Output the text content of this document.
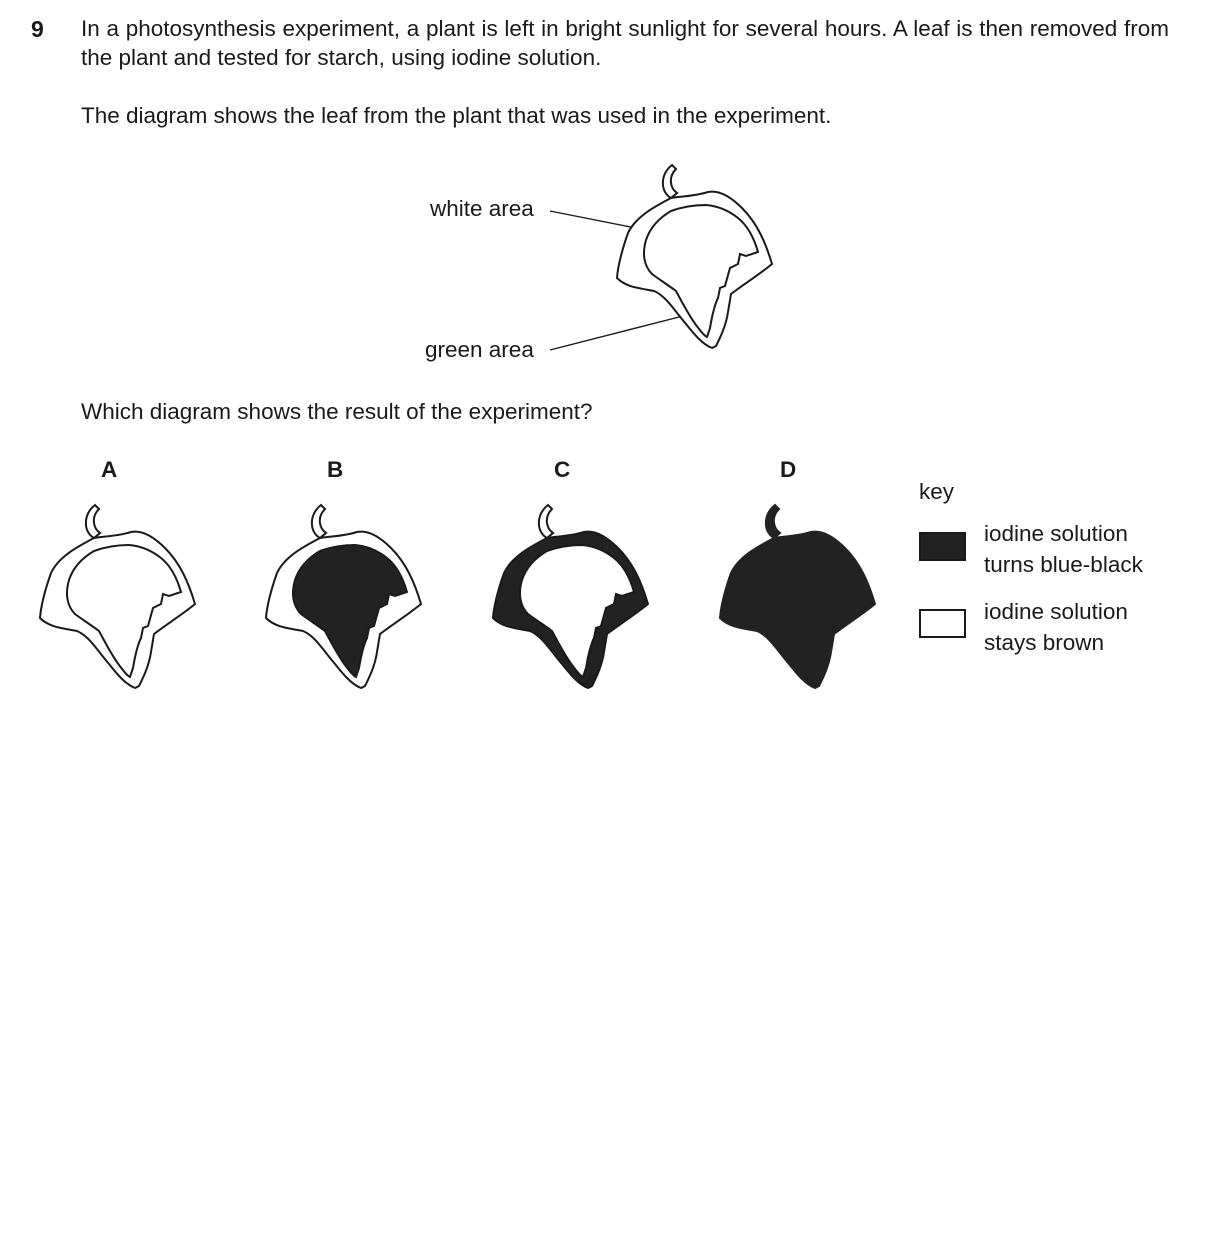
9 In a photosynthesis experiment, a plant is left in bright sunlight for several hours. A leaf is then removed from the plant and tested for starch, using iodine solution.
The diagram shows the leaf from the plant that was used in the experiment.
white area
green area
Which diagram shows the result of the experiment?
A	B	C	D
key
iodine solution
turns blue-black
iodine solution
stays brown
